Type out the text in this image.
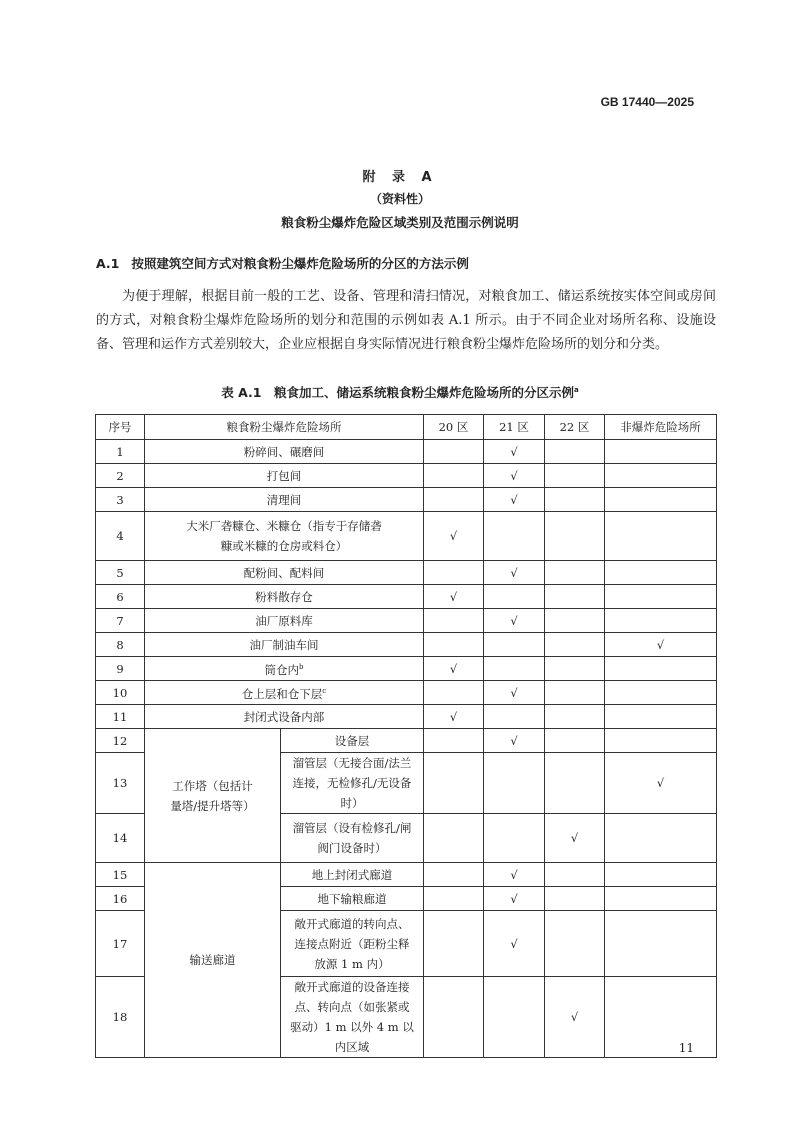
GB 17440—2025
附 录 A
（资料性）
粮食粉尘爆炸危险区域类别及范围示例说明
A.1 按照建筑空间方式对粮食粉尘爆炸危险场所的分区的方法示例
为便于理解，根据目前一般的工艺、设备、管理和清扫情况，对粮食加工、储运系统按实体空间或房间的方式，对粮食粉尘爆炸危险场所的划分和范围的示例如表 A.1 所示。由于不同企业对场所名称、设施设备、管理和运作方式差别较大，企业应根据自身实际情况进行粮食粉尘爆炸危险场所的划分和分类。
表 A.1　粮食加工、储运系统粮食粉尘爆炸危险场所的分区示例$^a$
序号	粮食粉尘爆炸危险场所		20 区	21 区	22 区	非爆炸危险场所
1	粉碎间、碾磨间			√		
2	打包间			√		
3	清理间			√		
4	大米厂砻糠仓、米糠仓（指专于存储砻糠或米糠的仓房或料仓）		√			
5	配粉间、配料间			√		
6	粉料散存仓		√			
7	油厂原料库			√		
8	油厂制油车间					√
9	筒仓内$^b$		√			
10	仓上层和仓下层$^c$			√		
11	封闭式设备内部		√			
12	工作塔（包括计量塔/提升塔等）	设备层		√		
13		溜管层（无接合面/法兰连接，无检修孔/无设备时）				√
14		溜管层（设有检修孔/闸阀门设备时）			√	
15	输送廊道	地上封闭式廊道		√		
16		地下输粮廊道		√		
17		敞开式廊道的转向点、连接点附近（距粉尘释放源 1 m 内）		√		
18		敞开式廊道的设备连接点、转向点（如张紧或驱动）1 m 以外 4 m 以内区域			√	
11
